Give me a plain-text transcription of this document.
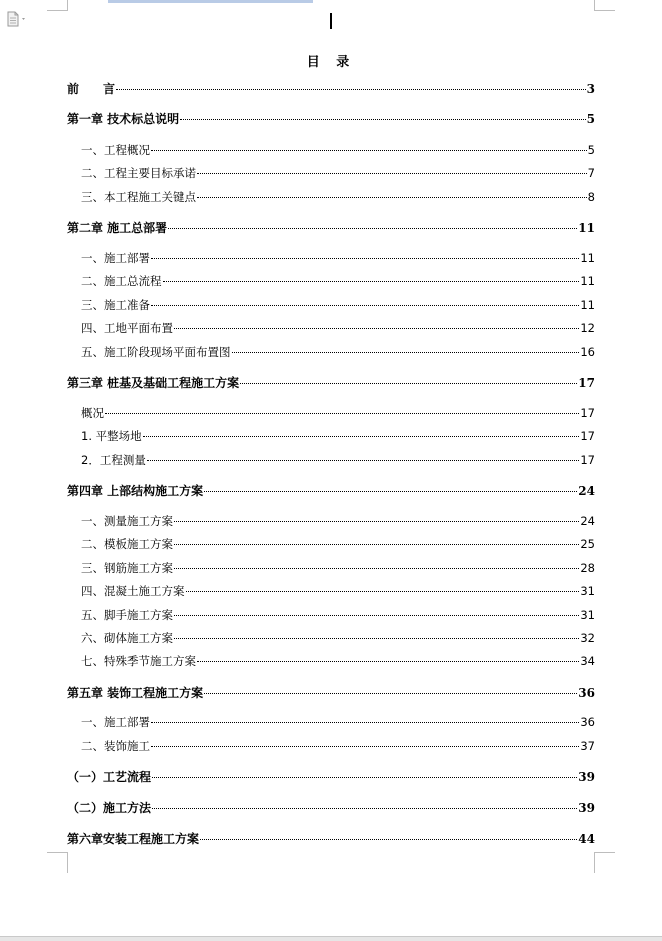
目 录
前　　言	3
第一章 技术标总说明	5
一、工程概况	5
二、工程主要目标承诺	7
三、本工程施工关键点	8
第二章 施工总部署	11
一、施工部署	11
二、施工总流程	11
三、施工准备	11
四、工地平面布置	12
五、施工阶段现场平面布置图	16
第三章 桩基及基础工程施工方案	17
概况	17
1. 平整场地	17
2．工程测量	17
第四章 上部结构施工方案	24
一、测量施工方案	24
二、模板施工方案	25
三、钢筋施工方案	28
四、混凝土施工方案	31
五、脚手施工方案	31
六、砌体施工方案	32
七、特殊季节施工方案	34
第五章 装饰工程施工方案	36
一、施工部署	36
二、装饰施工	37
（一）工艺流程	39
（二）施工方法	39
第六章安装工程施工方案	44
